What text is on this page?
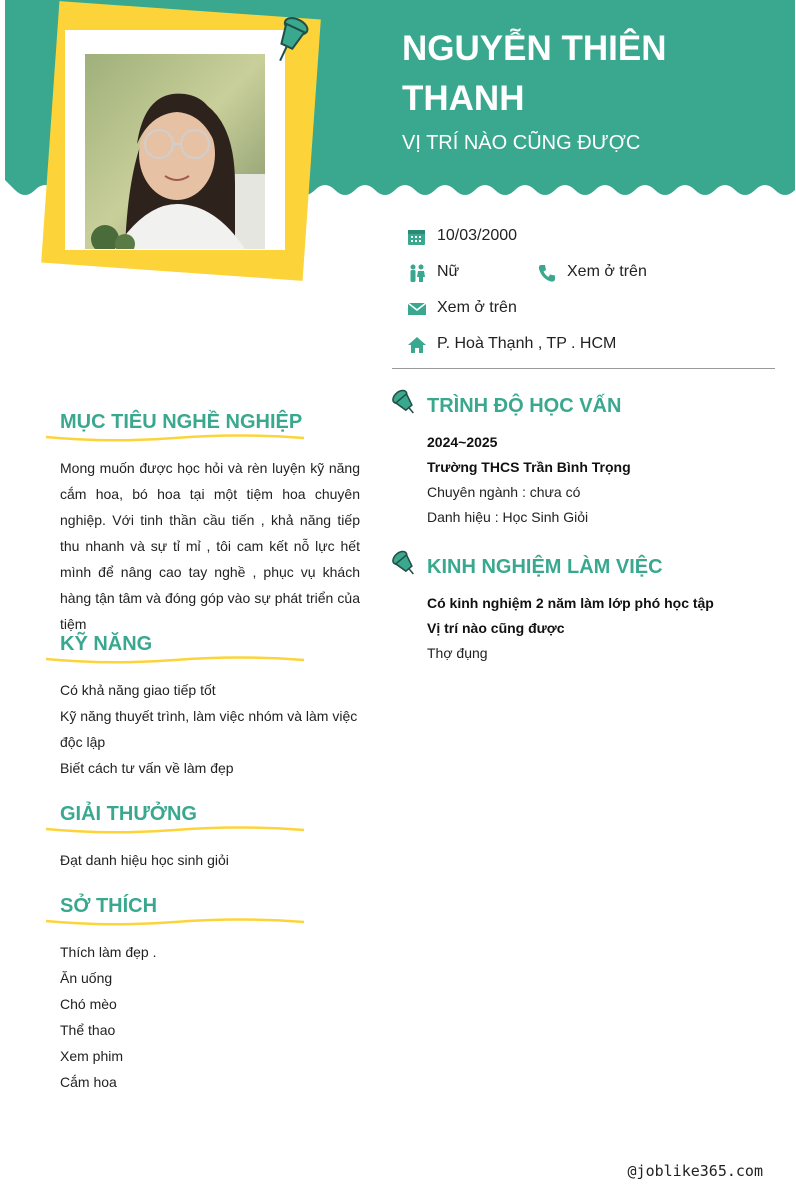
NGUYỄN THIÊN THANH
VỊ TRÍ NÀO CŨNG ĐƯỢC
10/03/2000
Nữ	Xem ở trên
Xem ở trên
P. Hoà Thạnh , TP . HCM
MỤC TIÊU NGHỀ NGHIỆP
Mong muốn được học hỏi và rèn luyện kỹ năng cắm hoa, bó hoa tại một tiệm hoa chuyên nghiệp. Với tinh thần cầu tiến , khả năng tiếp thu nhanh và sự tỉ mỉ , tôi cam kết nỗ lực hết mình để nâng cao tay nghề , phục vụ khách hàng tận tâm và đóng góp vào sự phát triển của tiệm
KỸ NĂNG
Có khả năng giao tiếp tốt
Kỹ năng thuyết trình, làm việc nhóm và làm việc độc lập
Biết cách tư vấn về làm đẹp
GIẢI THƯỞNG
Đạt danh hiệu học sinh giỏi
SỞ THÍCH
Thích làm đẹp .
Ăn uống
Chó mèo
Thể thao
Xem phim
Cắm hoa
TRÌNH ĐỘ HỌC VẤN
2024~2025
Trường THCS Trần Bình Trọng
Chuyên ngành : chưa có
Danh hiệu : Học Sinh Giỏi
KINH NGHIỆM LÀM VIỆC
Có kinh nghiệm 2 năm làm lớp phó học tập
Vị trí nào cũng được
Thợ đụng
@joblike365.com
